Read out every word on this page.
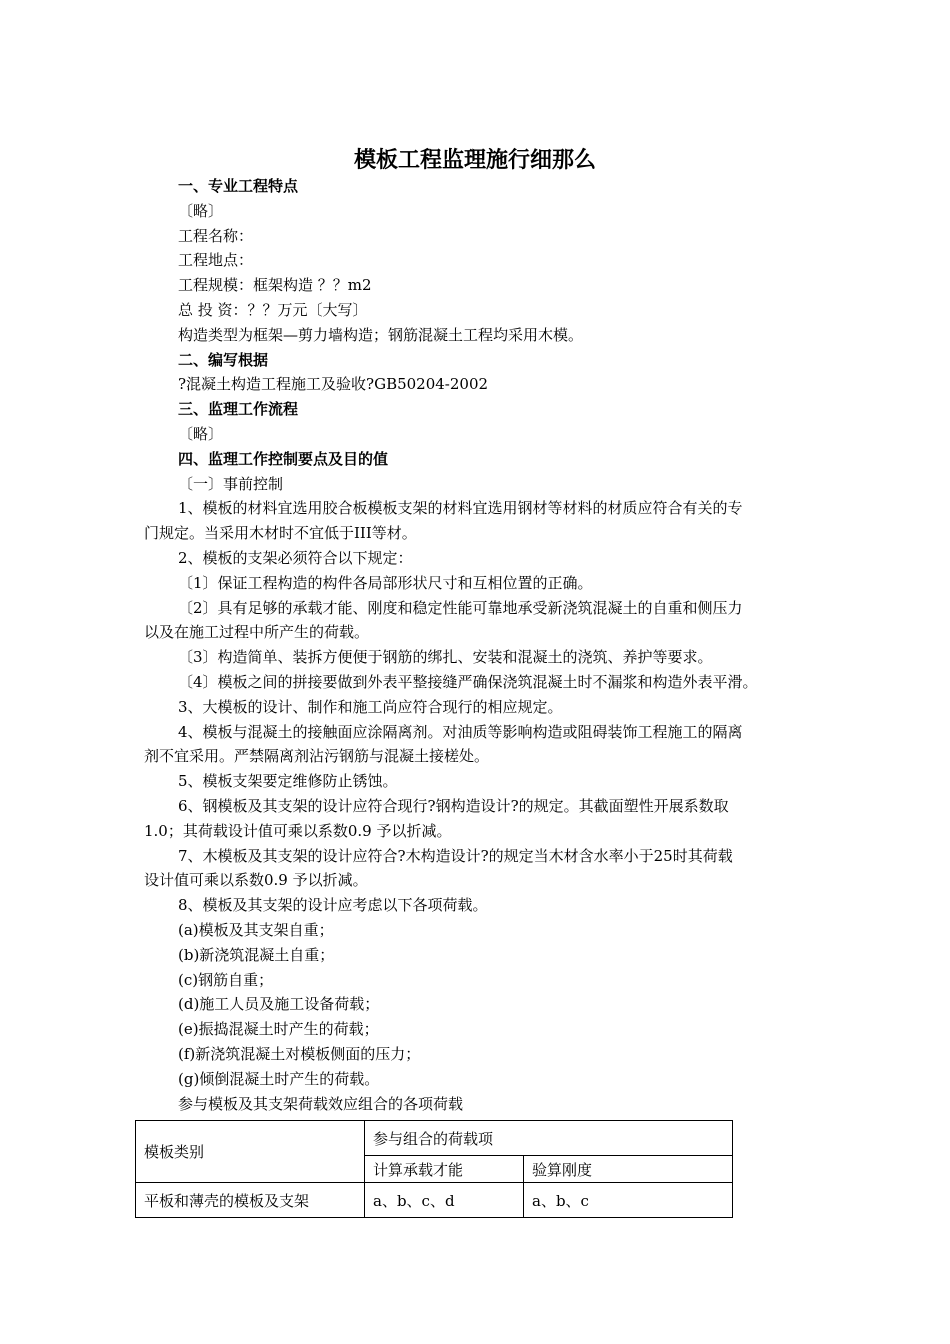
模板工程监理施行细那么
一、专业工程特点
〔略〕
工程名称：
工程地点：
工程规模：框架构造 ？？m2
总 投 资：？？万元〔大写〕
构造类型为框架—剪力墙构造；钢筋混凝土工程均采用木模。
二、编写根据
?混凝土构造工程施工及验收?GB50204-2002
三、监理工作流程
〔略〕
四、监理工作控制要点及目的值
〔一〕事前控制
1、模板的材料宜选用胶合板模板支架的材料宜选用钢材等材料的材质应符合有关的专
门规定。当采用木材时不宜低于III等材。
2、模板的支架必须符合以下规定：
〔1〕保证工程构造的构件各局部形状尺寸和互相位置的正确。
〔2〕具有足够的承载才能、刚度和稳定性能可靠地承受新浇筑混凝土的自重和侧压力
以及在施工过程中所产生的荷载。
〔3〕构造简单、装拆方便便于钢筋的绑扎、安装和混凝土的浇筑、养护等要求。
〔4〕模板之间的拼接要做到外表平整接缝严确保浇筑混凝土时不漏浆和构造外表平滑。
3、大模板的设计、制作和施工尚应符合现行的相应规定。
4、模板与混凝土的接触面应涂隔离剂。对油质等影响构造或阻碍装饰工程施工的隔离
剂不宜采用。严禁隔离剂沾污钢筋与混凝土接槎处。
5、模板支架要定维修防止锈蚀。
6、钢模板及其支架的设计应符合现行?钢构造设计?的规定。其截面塑性开展系数取
1.0；其荷载设计值可乘以系数0.9 予以折减。
7、木模板及其支架的设计应符合?木构造设计?的规定当木材含水率小于25时其荷载
设计值可乘以系数0.9 予以折减。
8、模板及其支架的设计应考虑以下各项荷载。
(a)模板及其支架自重；
(b)新浇筑混凝土自重；
(c)钢筋自重；
(d)施工人员及施工设备荷载；
(e)振捣混凝土时产生的荷载；
(f)新浇筑混凝土对模板侧面的压力；
(g)倾倒混凝土时产生的荷载。
参与模板及其支架荷载效应组合的各项荷载
模板类别	参与组合的荷载项	
	计算承载才能	验算刚度
平板和薄壳的模板及支架	a、b、c、d	a、b、c
